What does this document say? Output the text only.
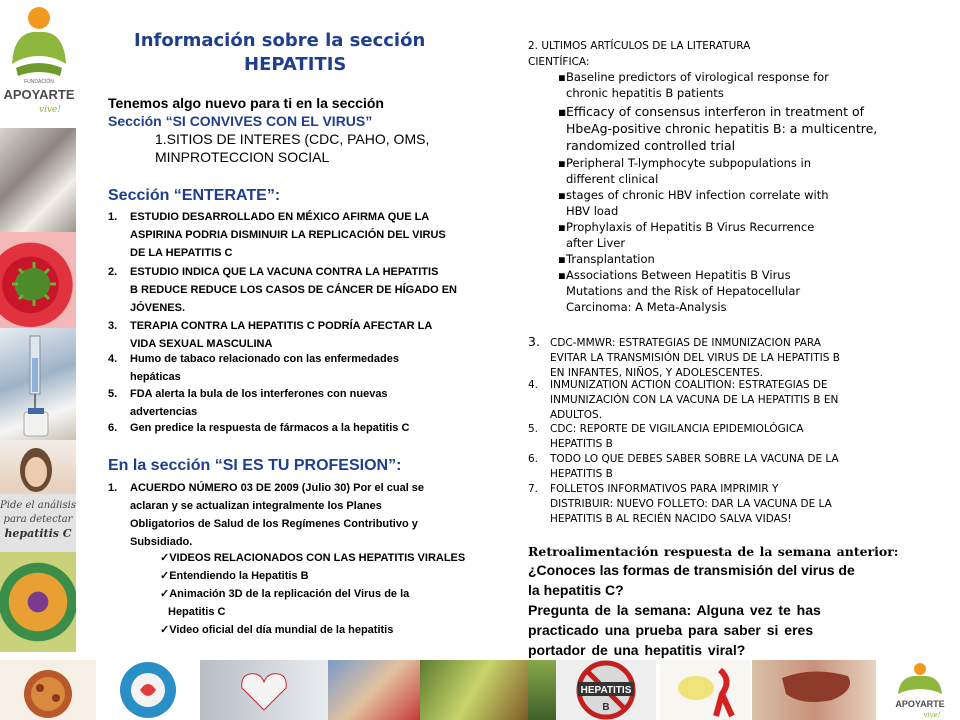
FUNDACIÓN
APOYARTE
vive!
Pide el análisis
para detectar
hepatitis C
HEPATITIS
B	APOYARTE
vive!
Información sobre la sección
HEPATITIS
Tenemos algo nuevo para ti en la sección
Sección “SI CONVIVES CON EL VIRUS”
1.SITIOS DE INTERES (CDC, PAHO, OMS,
MINPROTECCION SOCIAL
Sección “ENTERATE”:
1. ESTUDIO DESARROLLADO EN MÉXICO AFIRMA QUE LA
ASPIRINA PODRIA DISMINUIR LA REPLICACIÓN DEL VIRUS
DE LA HEPATITIS C
2. ESTUDIO INDICA QUE LA VACUNA CONTRA LA HEPATITIS
B REDUCE REDUCE LOS CASOS DE CÁNCER DE HÍGADO EN
JÓVENES.
3. TERAPIA CONTRA LA HEPATITIS C PODRÍA AFECTAR LA
VIDA SEXUAL MASCULINA
4. Humo de tabaco relacionado con las enfermedades
hepáticas
5. FDA alerta la bula de los interferones con nuevas
advertencias
6. Gen predice la respuesta de fármacos a la hepatitis C
En la sección “SI ES TU PROFESION”:
1. ACUERDO NÚMERO 03 DE 2009 (Julio 30) Por el cual se
aclaran y se actualizan integralmente los Planes
Obligatorios de Salud de los Regímenes Contributivo y
Subsidiado.
✓VIDEOS RELACIONADOS CON LAS HEPATITIS VIRALES
✓Entendiendo la Hepatitis B
✓Animación 3D de la replicación del Virus de la
Hepatitis C
✓Video oficial del día mundial de la hepatitis
2. ULTIMOS ARTÍCULOS DE LA LITERATURA
CIENTÍFICA:
▪ Baseline predictors of virological response for
chronic hepatitis B patients
▪ Efficacy of consensus interferon in treatment of
HbeAg-positive chronic hepatitis B: a multicentre,
randomized controlled trial
▪ Peripheral T-lymphocyte subpopulations in
different clinical
▪ stages of chronic HBV infection correlate with
HBV load
▪ Prophylaxis of Hepatitis B Virus Recurrence
after Liver
▪ Transplantation
▪ Associations Between Hepatitis B Virus
Mutations and the Risk of Hepatocellular
Carcinoma: A Meta-Analysis
3. CDC-MMWR: ESTRATEGIAS DE INMUNIZACION PARA
EVITAR LA TRANSMISIÓN DEL VIRUS DE LA HEPATITIS B
EN INFANTES, NIÑOS, Y ADOLESCENTES.
4. INMUNIZATION ACTION COALITION: ESTRATEGIAS DE
INMUNIZACIÓN CON LA VACUNA DE LA HEPATITIS B EN
ADULTOS.
5. CDC: REPORTE DE VIGILANCIA EPIDEMIOLÓGICA
HEPATITIS B
6. TODO LO QUE DEBES SABER SOBRE LA VACUNA DE LA
HEPATITIS B
7. FOLLETOS INFORMATIVOS PARA IMPRIMIR Y
DISTRIBUIR: NUEVO FOLLETO: DAR LA VACUNA DE LA
HEPATITIS B AL RECIÉN NACIDO SALVA VIDAS!
Retroalimentación respuesta de la semana anterior:
¿Conoces las formas de transmisión del virus de
la hepatitis C?
Pregunta de la semana: Alguna vez te has
practicado una prueba para saber si eres
portador de una hepatitis viral?
